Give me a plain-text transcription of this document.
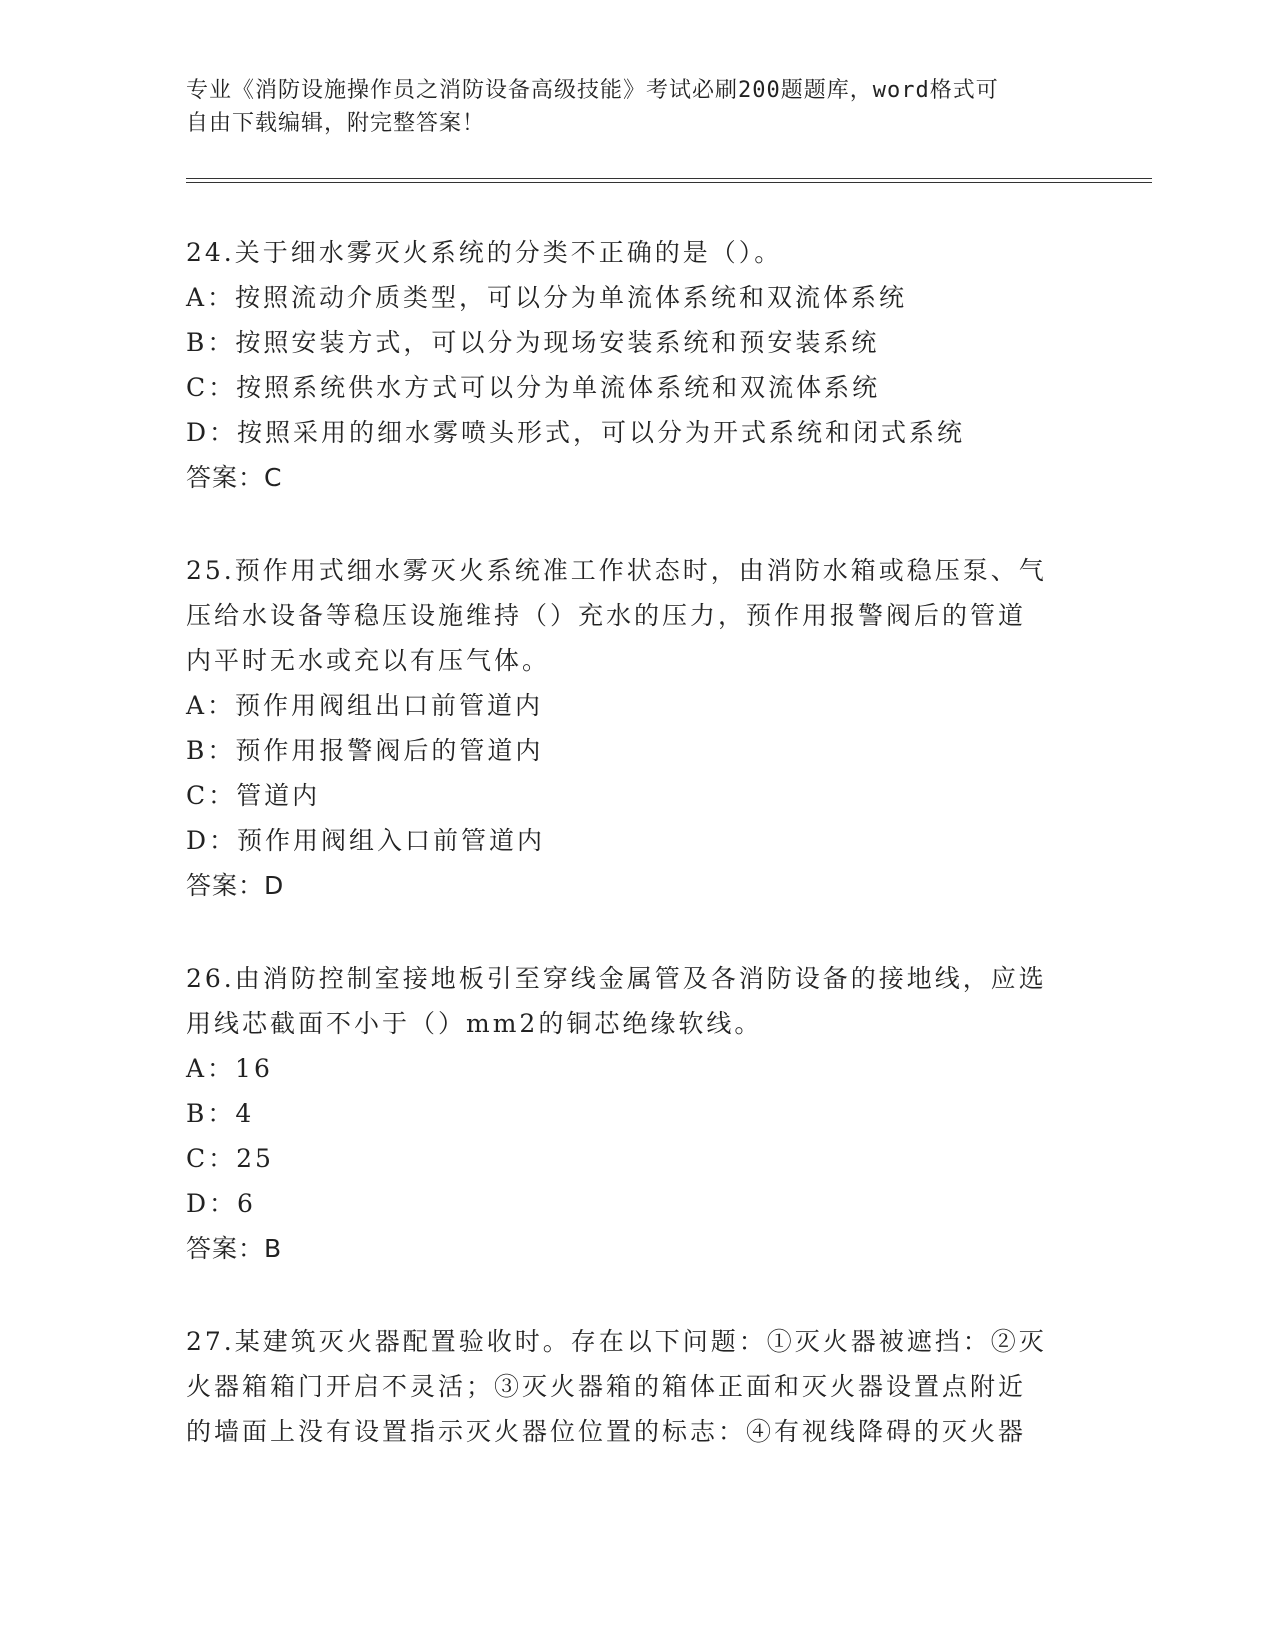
专业《消防设施操作员之消防设备高级技能》考试必刷200题题库，word格式可
自由下载编辑，附完整答案！
24.关于细水雾灭火系统的分类不正确的是（）。
A：按照流动介质类型，可以分为单流体系统和双流体系统
B：按照安装方式，可以分为现场安装系统和预安装系统
C：按照系统供水方式可以分为单流体系统和双流体系统
D：按照采用的细水雾喷头形式，可以分为开式系统和闭式系统
答案：C
25.预作用式细水雾灭火系统准工作状态时，由消防水箱或稳压泵、气
压给水设备等稳压设施维持（）充水的压力，预作用报警阀后的管道
内平时无水或充以有压气体。
A：预作用阀组出口前管道内
B：预作用报警阀后的管道内
C：管道内
D：预作用阀组入口前管道内
答案：D
26.由消防控制室接地板引至穿线金属管及各消防设备的接地线，应选
用线芯截面不小于（）mm2的铜芯绝缘软线。
A：16
B：4
C：25
D：6
答案：B
27.某建筑灭火器配置验收时。存在以下问题：①灭火器被遮挡：②灭
火器箱箱门开启不灵活；③灭火器箱的箱体正面和灭火器设置点附近
的墙面上没有设置指示灭火器位位置的标志：④有视线降碍的灭火器
